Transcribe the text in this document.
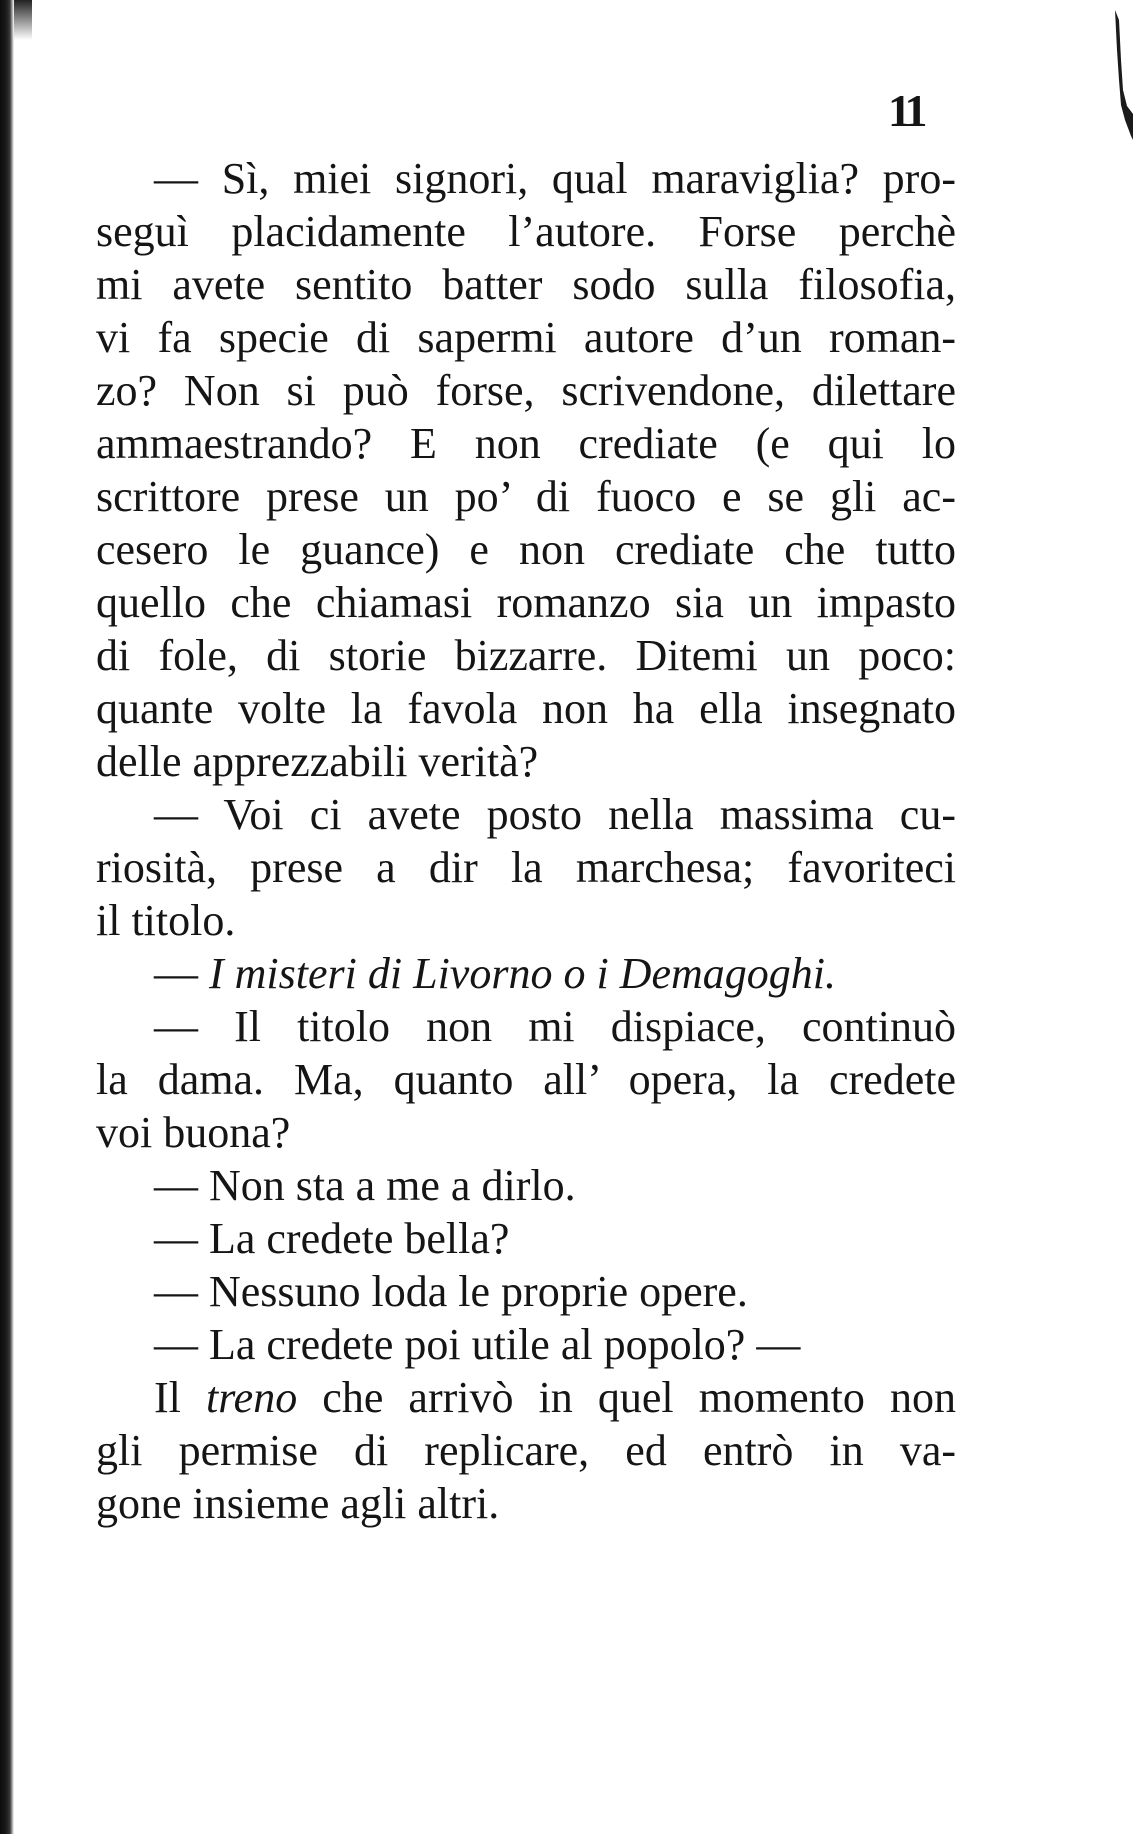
11
— Sì, miei signori, qual maraviglia? pro-
seguì placidamente l’autore. Forse perchè
mi avete sentito batter sodo sulla filosofia,
vi fa specie di sapermi autore d’un roman-
zo? Non si può forse, scrivendone, dilettare
ammaestrando? E non crediate (e qui lo
scrittore prese un po’ di fuoco e se gli ac-
cesero le guance) e non crediate che tutto
quello che chiamasi romanzo sia un impasto
di fole, di storie bizzarre. Ditemi un poco:
quante volte la favola non ha ella insegnato
delle apprezzabili verità?
— Voi ci avete posto nella massima cu-
riosità, prese a dir la marchesa; favoriteci
il titolo.
— I misteri di Livorno o i Demagoghi.
— Il titolo non mi dispiace, continuò
la dama. Ma, quanto all’ opera, la credete
voi buona?
— Non sta a me a dirlo.
— La credete bella?
— Nessuno loda le proprie opere.
— La credete poi utile al popolo? —
Il treno che arrivò in quel momento non
gli permise di replicare, ed entrò in va-
gone insieme agli altri.
